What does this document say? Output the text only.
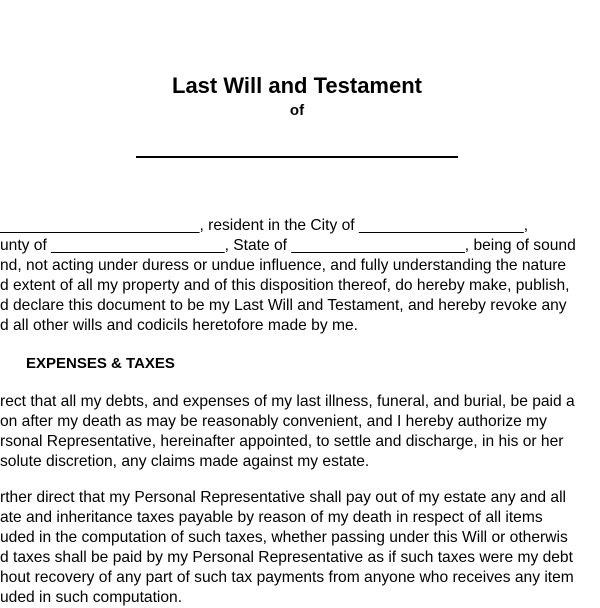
Last Will and Testament
of
_______________________, resident in the City of ___________________,
unty of ____________________, State of ____________________, being of sound
nd, not acting under duress or undue influence, and fully understanding the nature
d extent of all my property and of this disposition thereof, do hereby make, publish,
d declare this document to be my Last Will and Testament, and hereby revoke any
d all other wills and codicils heretofore made by me.
EXPENSES & TAXES
rect that all my debts, and expenses of my last illness, funeral, and burial, be paid a
on after my death as may be reasonably convenient, and I hereby authorize my
rsonal Representative, hereinafter appointed, to settle and discharge, in his or her
solute discretion, any claims made against my estate.
rther direct that my Personal Representative shall pay out of my estate any and all
ate and inheritance taxes payable by reason of my death in respect of all items
uded in the computation of such taxes, whether passing under this Will or otherwis
d taxes shall be paid by my Personal Representative as if such taxes were my debt
hout recovery of any part of such tax payments from anyone who receives any item
uded in such computation.
